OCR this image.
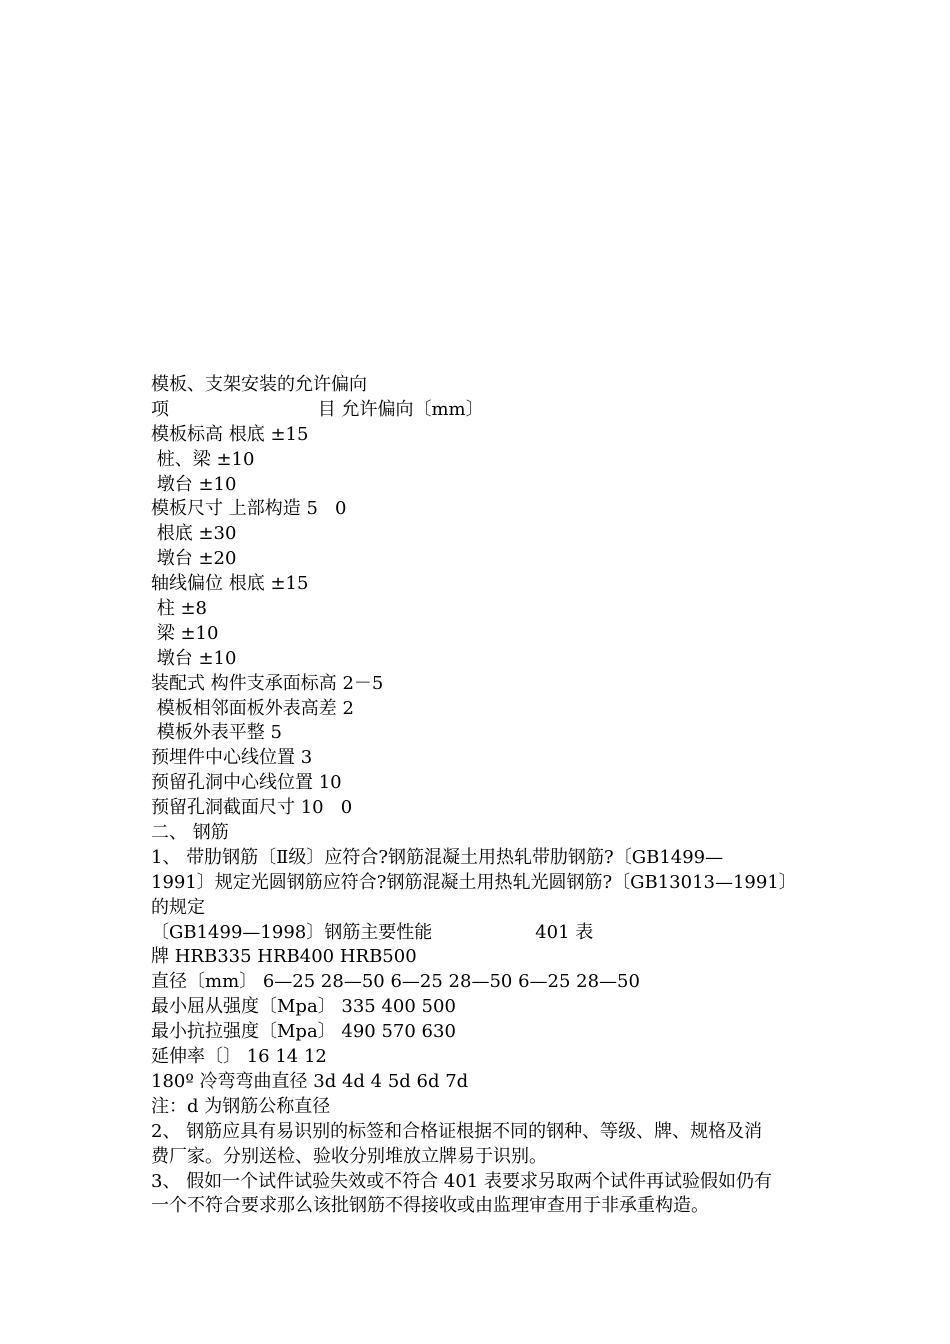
模板、支架安装的允许偏向
项                          目 允许偏向〔mm〕
模板标高 根底 ±15
桩、梁 ±10
墩台 ±10
模板尺寸 上部构造 5   0
根底 ±30
墩台 ±20
轴线偏位 根底 ±15
柱 ±8
梁 ±10
墩台 ±10
装配式 构件支承面标高 2－5
模板相邻面板外表高差 2
模板外表平整 5
预埋件中心线位置 3
预留孔洞中心线位置 10
预留孔洞截面尺寸 10   0
二、 钢筋
1、 带肋钢筋〔Ⅱ级〕应符合?钢筋混凝土用热轧带肋钢筋?〔GB1499—
1991〕规定光圆钢筋应符合?钢筋混凝土用热轧光圆钢筋?〔GB13013—1991〕
的规定
〔GB1499—1998〕钢筋主要性能                  401 表
牌 HRB335 HRB400 HRB500
直径〔mm〕 6—25 28—50 6—25 28—50 6—25 28—50
最小屈从强度〔Mpa〕 335 400 500
最小抗拉强度〔Mpa〕 490 570 630
延伸率〔〕 16 14 12
180º 冷弯弯曲直径 3d 4d 4 5d 6d 7d
注：d 为钢筋公称直径
2、 钢筋应具有易识别的标签和合格证根据不同的钢种、等级、牌、规格及消
费厂家。分别送检、验收分别堆放立牌易于识别。
3、 假如一个试件试验失效或不符合 401 表要求另取两个试件再试验假如仍有
一个不符合要求那么该批钢筋不得接收或由监理审查用于非承重构造。
